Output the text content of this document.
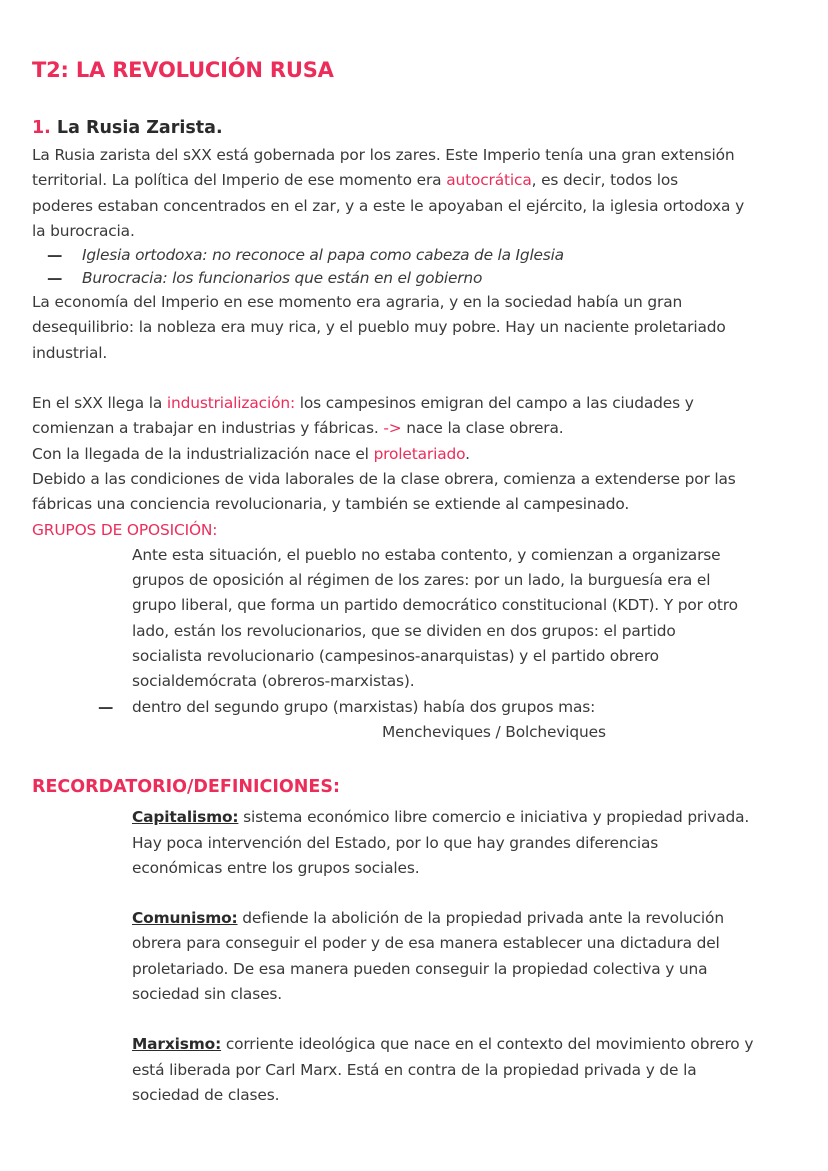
T2: LA REVOLUCIÓN RUSA
1. La Rusia Zarista.

La Rusia zarista del sXX está gobernada por los zares. Este Imperio tenía una gran extensión
territorial. La política del Imperio de ese momento era autocrática, es decir, todos los
poderes estaban concentrados en el zar, y a este le apoyaban el ejército, la iglesia ortodoxa y
la burocracia.

— Iglesia ortodoxa: no reconoce al papa como cabeza de la Iglesia
— Burocracia: los funcionarios que están en el gobierno

La economía del Imperio en ese momento era agraria, y en la sociedad había un gran
desequilibrio: la nobleza era muy rica, y el pueblo muy pobre. Hay un naciente proletariado
industrial.

En el sXX llega la industrialización: los campesinos emigran del campo a las ciudades y
comienzan a trabajar en industrias y fábricas. -> nace la clase obrera.
Con la llegada de la industrialización nace el proletariado.
Debido a las condiciones de vida laborales de la clase obrera, comienza a extenderse por las
fábricas una conciencia revolucionaria, y también se extiende al campesinado.

GRUPOS DE OPOSICIÓN:

Ante esta situación, el pueblo no estaba contento, y comienzan a organizarse
grupos de oposición al régimen de los zares: por un lado, la burguesía era el
grupo liberal, que forma un partido democrático constitucional (KDT). Y por otro
lado, están los revolucionarios, que se dividen en dos grupos: el partido
socialista revolucionario (campesinos-anarquistas) y el partido obrero
socialdemócrata (obreros-marxistas).

— dentro del segundo grupo (marxistas) había dos grupos mas:

Mencheviques / Bolcheviques

RECORDATORIO/DEFINICIONES:

Capitalismo: sistema económico libre comercio e iniciativa y propiedad privada.
Hay poca intervención del Estado, por lo que hay grandes diferencias
económicas entre los grupos sociales.

Comunismo: defiende la abolición de la propiedad privada ante la revolución
obrera para conseguir el poder y de esa manera establecer una dictadura del
proletariado. De esa manera pueden conseguir la propiedad colectiva y una
sociedad sin clases.

Marxismo: corriente ideológica que nace en el contexto del movimiento obrero y
está liberada por Carl Marx. Está en contra de la propiedad privada y de la
sociedad de clases.
